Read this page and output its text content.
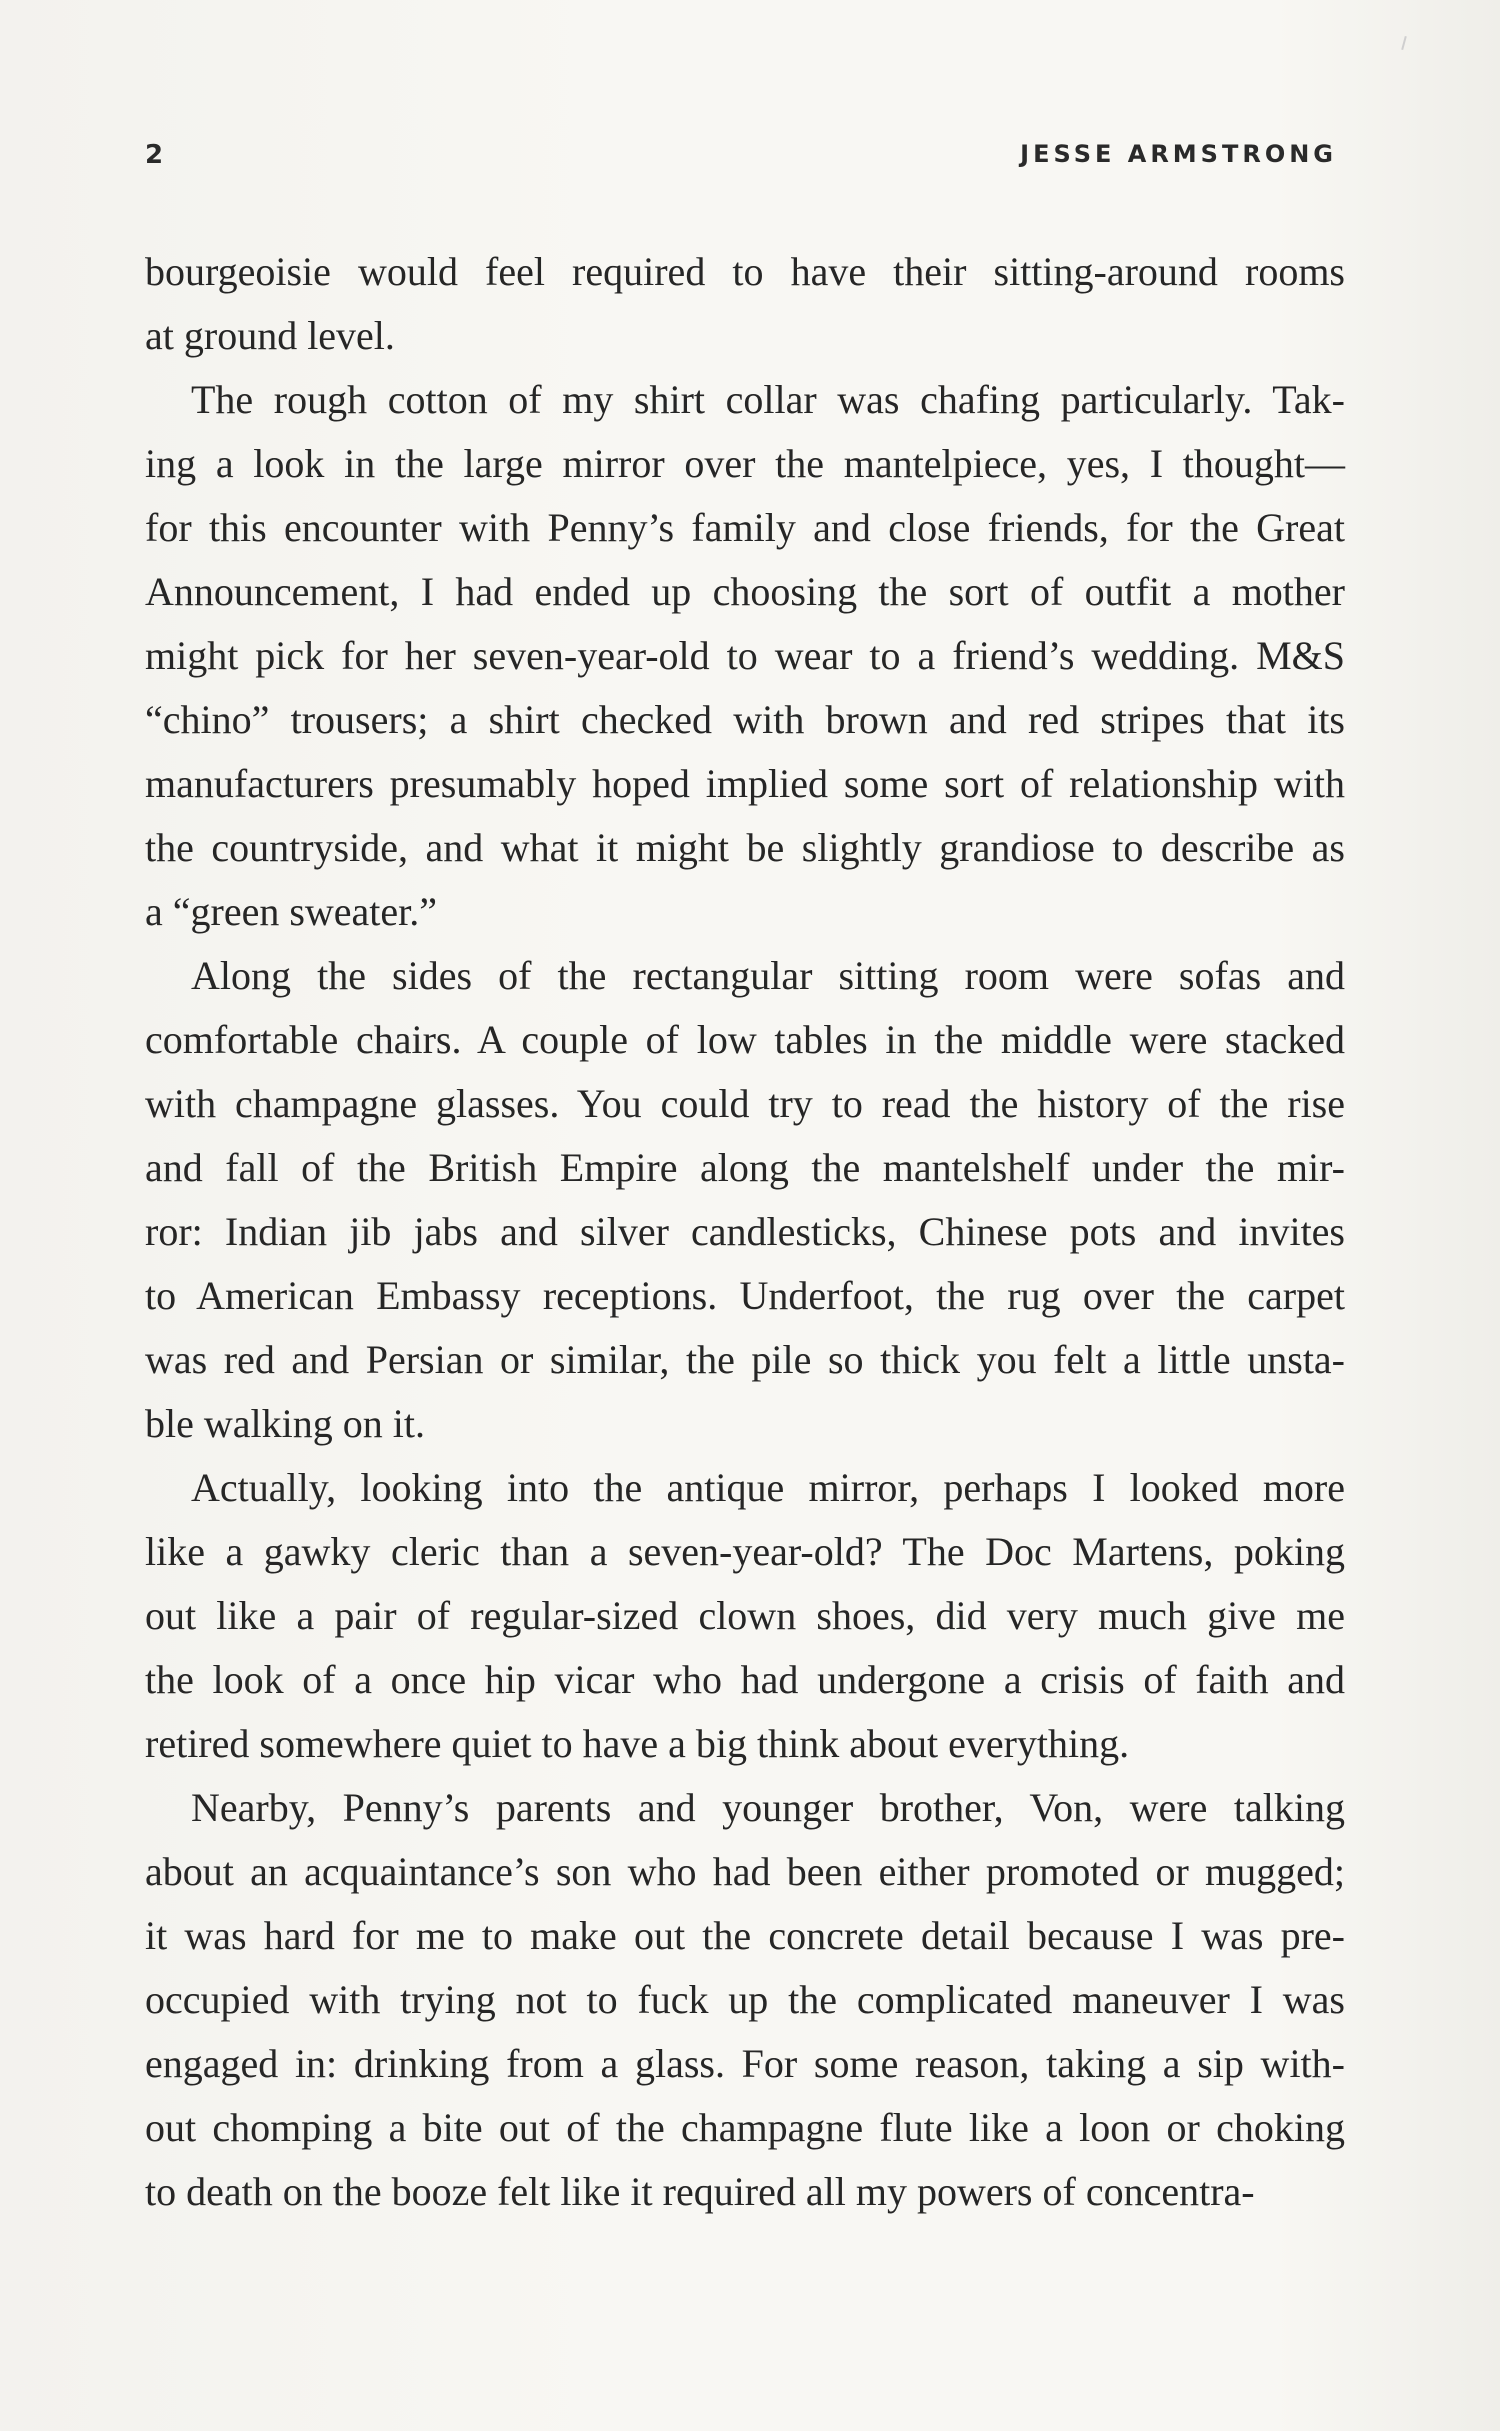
2	JESSE ARMSTRONG
bourgeoisie would feel required to have their sitting-around rooms
at ground level.
The rough cotton of my shirt collar was chafing particularly. Tak-
ing a look in the large mirror over the mantelpiece, yes, I thought—
for this encounter with Penny’s family and close friends, for the Great
Announcement, I had ended up choosing the sort of outfit a mother
might pick for her seven-year-old to wear to a friend’s wedding. M&S
“chino” trousers; a shirt checked with brown and red stripes that its
manufacturers presumably hoped implied some sort of relationship with
the countryside, and what it might be slightly grandiose to describe as
a “green sweater.”
Along the sides of the rectangular sitting room were sofas and
comfortable chairs. A couple of low tables in the middle were stacked
with champagne glasses. You could try to read the history of the rise
and fall of the British Empire along the mantelshelf under the mir-
ror: Indian jib jabs and silver candlesticks, Chinese pots and invites
to American Embassy receptions. Underfoot, the rug over the carpet
was red and Persian or similar, the pile so thick you felt a little unsta-
ble walking on it.
Actually, looking into the antique mirror, perhaps I looked more
like a gawky cleric than a seven-year-old? The Doc Martens, poking
out like a pair of regular-sized clown shoes, did very much give me
the look of a once hip vicar who had undergone a crisis of faith and
retired somewhere quiet to have a big think about everything.
Nearby, Penny’s parents and younger brother, Von, were talking
about an acquaintance’s son who had been either promoted or mugged;
it was hard for me to make out the concrete detail because I was pre-
occupied with trying not to fuck up the complicated maneuver I was
engaged in: drinking from a glass. For some reason, taking a sip with-
out chomping a bite out of the champagne flute like a loon or choking
to death on the booze felt like it required all my powers of concentra-
